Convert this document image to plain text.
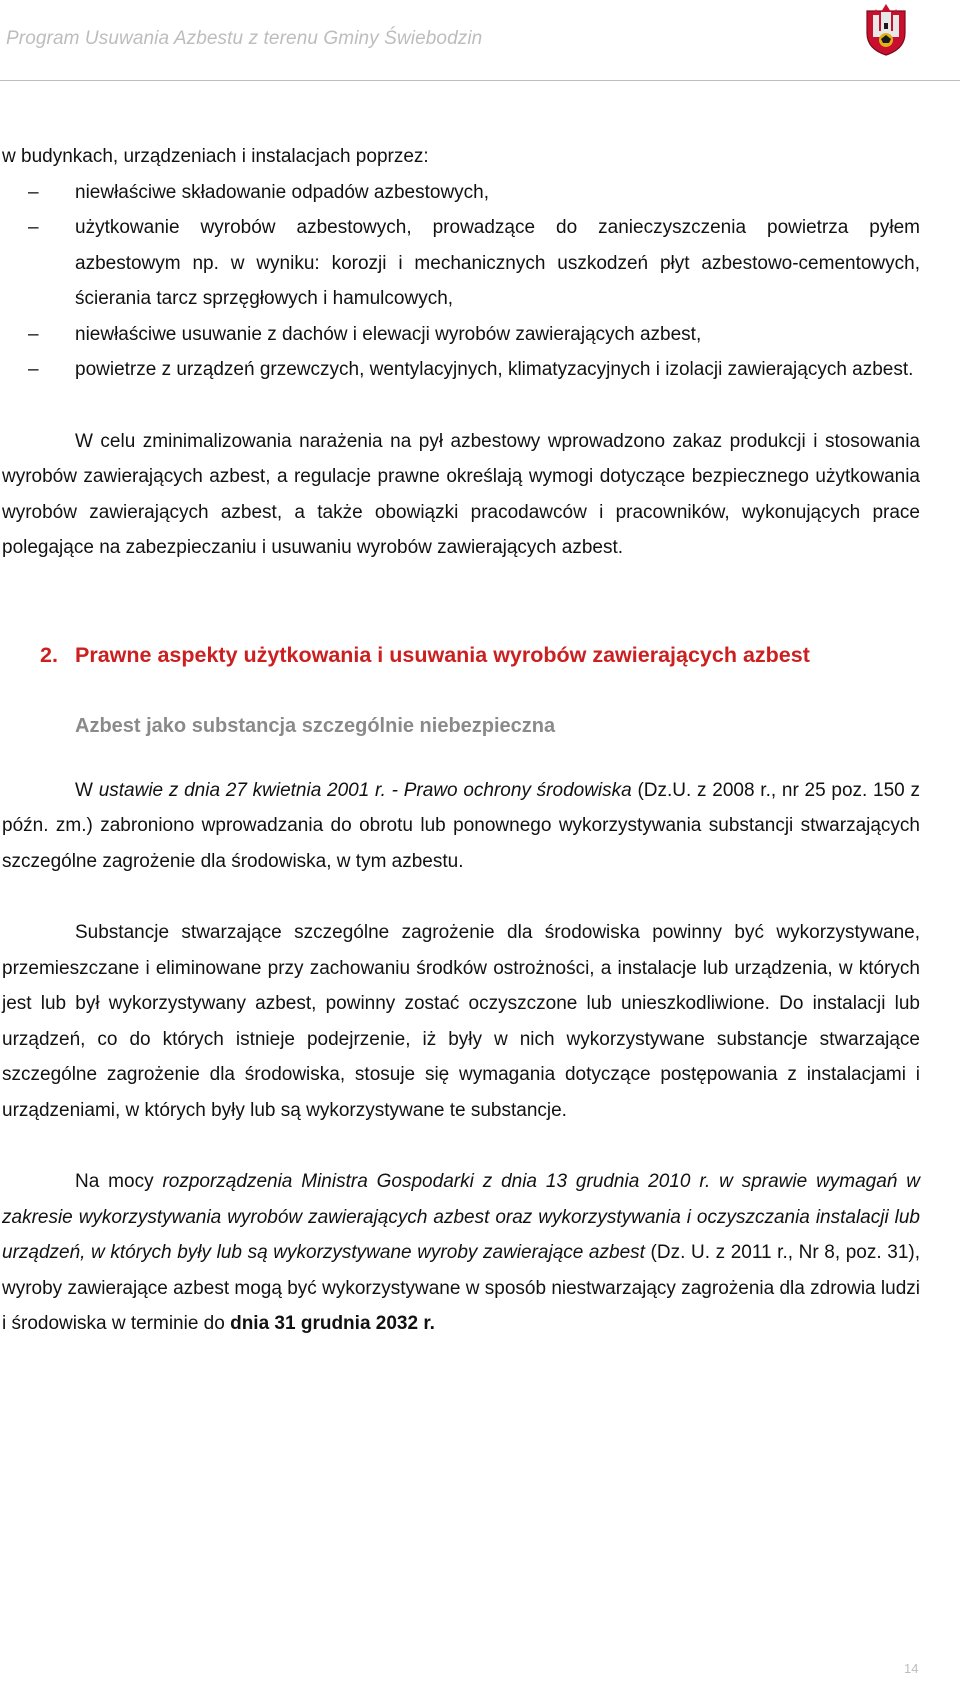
Program Usuwania Azbestu z terenu Gminy Świebodzin

w budynkach, urządzeniach i instalacjach poprzez:

– niewłaściwe składowanie odpadów azbestowych,
– użytkowanie wyrobów azbestowych, prowadzące do zanieczyszczenia powietrza pyłem azbestowym np. w wyniku: korozji i mechanicznych uszkodzeń płyt azbestowo-cementowych, ścierania tarcz sprzęgłowych i hamulcowych,
– niewłaściwe usuwanie z dachów i elewacji wyrobów zawierających azbest,
– powietrze z urządzeń grzewczych, wentylacyjnych, klimatyzacyjnych i izolacji zawierających azbest.

W celu zminimalizowania narażenia na pył azbestowy wprowadzono zakaz produkcji i stosowania wyrobów zawierających azbest, a regulacje prawne określają wymogi dotyczące bezpiecznego użytkowania wyrobów zawierających azbest, a także obowiązki pracodawców i pracowników, wykonujących prace polegające na zabezpieczaniu i usuwaniu wyrobów zawierających azbest.

2. Prawne aspekty użytkowania i usuwania wyrobów zawierających azbest
Azbest jako substancja szczególnie niebezpieczna

W ustawie z dnia 27 kwietnia 2001 r. - Prawo ochrony środowiska (Dz.U. z 2008 r., nr 25 poz. 150 z późn. zm.) zabroniono wprowadzania do obrotu lub ponownego wykorzystywania substancji stwarzających szczególne zagrożenie dla środowiska, w tym azbestu.

Substancje stwarzające szczególne zagrożenie dla środowiska powinny być wykorzystywane, przemieszczane i eliminowane przy zachowaniu środków ostrożności, a instalacje lub urządzenia, w których jest lub był wykorzystywany azbest, powinny zostać oczyszczone lub unieszkodliwione. Do instalacji lub urządzeń, co do których istnieje podejrzenie, iż były w nich wykorzystywane substancje stwarzające szczególne zagrożenie dla środowiska, stosuje się wymagania dotyczące postępowania z instalacjami i urządzeniami, w których były lub są wykorzystywane te substancje.

Na mocy rozporządzenia Ministra Gospodarki z dnia 13 grudnia 2010 r. w sprawie wymagań w zakresie wykorzystywania wyrobów zawierających azbest oraz wykorzystywania i oczyszczania instalacji lub urządzeń, w których były lub są wykorzystywane wyroby zawierające azbest (Dz. U. z 2011 r., Nr 8, poz. 31), wyroby zawierające azbest mogą być wykorzystywane w sposób niestwarzający zagrożenia dla zdrowia ludzi i środowiska w terminie do dnia 31 grudnia 2032 r.

14
